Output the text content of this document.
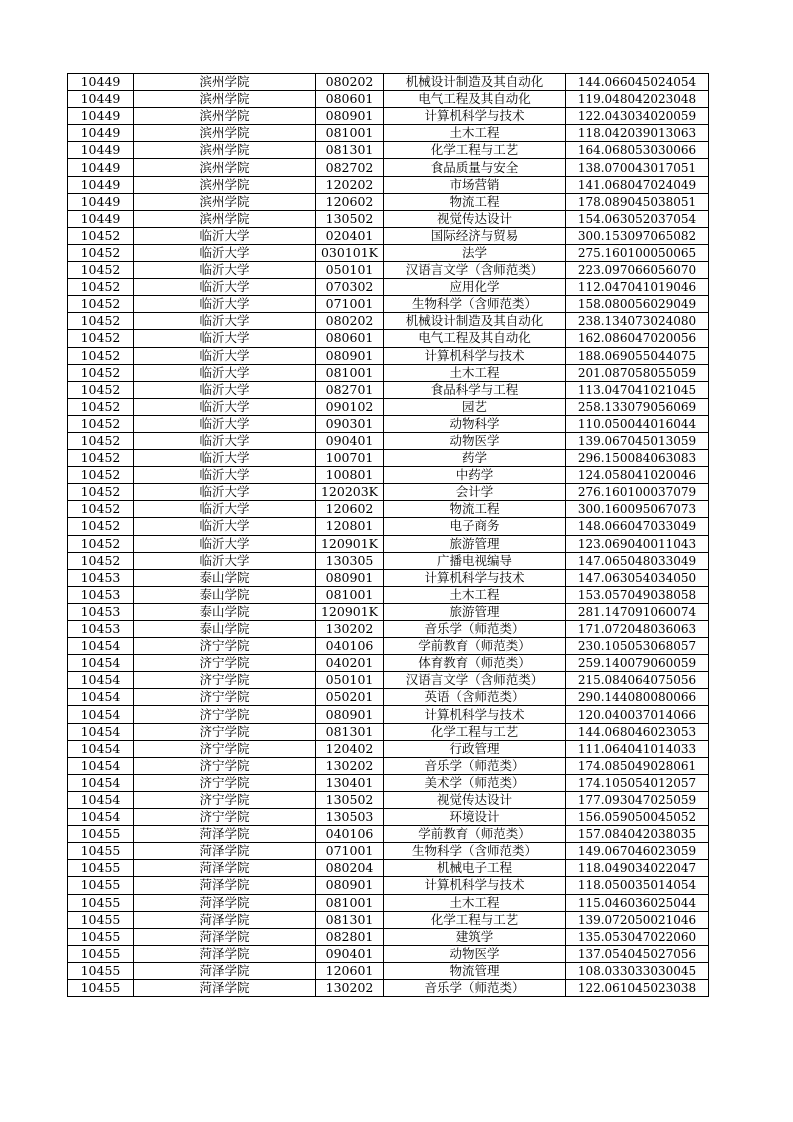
10449	滨州学院	080202	机械设计制造及其自动化	144.066045024054
10449	滨州学院	080601	电气工程及其自动化	119.048042023048
10449	滨州学院	080901	计算机科学与技术	122.043034020059
10449	滨州学院	081001	土木工程	118.042039013063
10449	滨州学院	081301	化学工程与工艺	164.068053030066
10449	滨州学院	082702	食品质量与安全	138.070043017051
10449	滨州学院	120202	市场营销	141.068047024049
10449	滨州学院	120602	物流工程	178.089045038051
10449	滨州学院	130502	视觉传达设计	154.063052037054
10452	临沂大学	020401	国际经济与贸易	300.153097065082
10452	临沂大学	030101K	法学	275.160100050065
10452	临沂大学	050101	汉语言文学（含师范类）	223.097066056070
10452	临沂大学	070302	应用化学	112.047041019046
10452	临沂大学	071001	生物科学（含师范类）	158.080056029049
10452	临沂大学	080202	机械设计制造及其自动化	238.134073024080
10452	临沂大学	080601	电气工程及其自动化	162.086047020056
10452	临沂大学	080901	计算机科学与技术	188.069055044075
10452	临沂大学	081001	土木工程	201.087058055059
10452	临沂大学	082701	食品科学与工程	113.047041021045
10452	临沂大学	090102	园艺	258.133079056069
10452	临沂大学	090301	动物科学	110.050044016044
10452	临沂大学	090401	动物医学	139.067045013059
10452	临沂大学	100701	药学	296.150084063083
10452	临沂大学	100801	中药学	124.058041020046
10452	临沂大学	120203K	会计学	276.160100037079
10452	临沂大学	120602	物流工程	300.160095067073
10452	临沂大学	120801	电子商务	148.066047033049
10452	临沂大学	120901K	旅游管理	123.069040011043
10452	临沂大学	130305	广播电视编导	147.065048033049
10453	泰山学院	080901	计算机科学与技术	147.063054034050
10453	泰山学院	081001	土木工程	153.057049038058
10453	泰山学院	120901K	旅游管理	281.147091060074
10453	泰山学院	130202	音乐学（师范类）	171.072048036063
10454	济宁学院	040106	学前教育（师范类）	230.105053068057
10454	济宁学院	040201	体育教育（师范类）	259.140079060059
10454	济宁学院	050101	汉语言文学（含师范类）	215.084064075056
10454	济宁学院	050201	英语（含师范类）	290.144080080066
10454	济宁学院	080901	计算机科学与技术	120.040037014066
10454	济宁学院	081301	化学工程与工艺	144.068046023053
10454	济宁学院	120402	行政管理	111.064041014033
10454	济宁学院	130202	音乐学（师范类）	174.085049028061
10454	济宁学院	130401	美术学（师范类）	174.105054012057
10454	济宁学院	130502	视觉传达设计	177.093047025059
10454	济宁学院	130503	环境设计	156.059050045052
10455	菏泽学院	040106	学前教育（师范类）	157.084042038035
10455	菏泽学院	071001	生物科学（含师范类）	149.067046023059
10455	菏泽学院	080204	机械电子工程	118.049034022047
10455	菏泽学院	080901	计算机科学与技术	118.050035014054
10455	菏泽学院	081001	土木工程	115.046036025044
10455	菏泽学院	081301	化学工程与工艺	139.072050021046
10455	菏泽学院	082801	建筑学	135.053047022060
10455	菏泽学院	090401	动物医学	137.054045027056
10455	菏泽学院	120601	物流管理	108.033033030045
10455	菏泽学院	130202	音乐学（师范类）	122.061045023038
